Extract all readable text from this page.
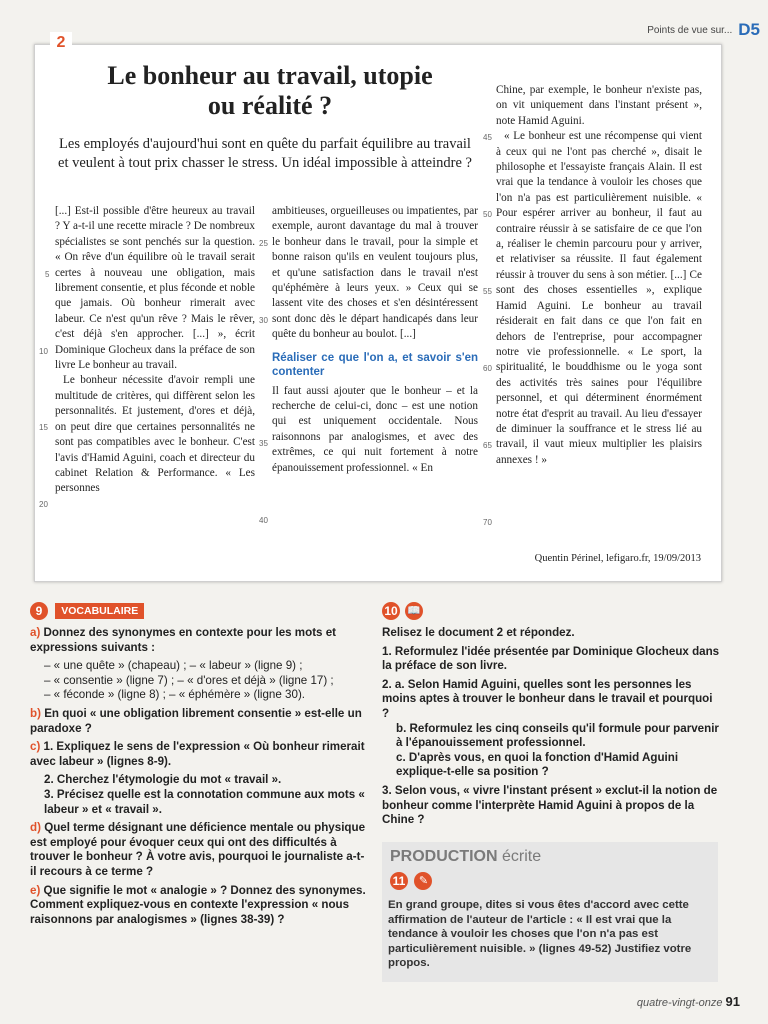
Points de vue sur... D5
2
Le bonheur au travail, utopie ou réalité ?
Les employés d'aujourd'hui sont en quête du parfait équilibre au travail et veulent à tout prix chasser le stress. Un idéal impossible à atteindre ?

[...] Est-il possible d'être heureux au travail ? Y a-t-il une recette miracle ? De nombreux spécialistes se sont penchés sur la question. « On rêve d'un équilibre où le travail serait certes à nouveau une obligation, mais librement consentie, et plus féconde et noble que jamais. Où bonheur rimerait avec labeur. Ce n'est qu'un rêve ? Mais le rêver, c'est déjà s'en approcher. [...] », écrit Dominique Glocheux dans la préface de son livre Le bonheur au travail.

Le bonheur nécessite d'avoir rempli une multitude de critères, qui diffèrent selon les personnalités. Et justement, d'ores et déjà, on peut dire que certaines personnalités ne sont pas compatibles avec le bonheur. C'est l'avis d'Hamid Aguini, coach et directeur du cabinet Relation & Performance. « Les personnes

ambitieuses, orgueilleuses ou impatientes, par exemple, auront davantage du mal à trouver le bonheur dans le travail, pour la simple et bonne raison qu'ils en veulent toujours plus, et qu'une satisfaction dans le travail n'est qu'éphémère à leurs yeux. » Ceux qui se lassent vite des choses et s'en désintéressent sont donc dès le départ handicapés dans leur quête du bonheur au boulot. [...]

Réaliser ce que l'on a, et savoir s'en contenter

Il faut aussi ajouter que le bonheur – et la recherche de celui-ci, donc – est une notion qui est uniquement occidentale. Nous raisonnons par analogismes, et avec des extrêmes, ce qui nuit fortement à notre épanouissement professionnel. « En

Chine, par exemple, le bonheur n'existe pas, on vit uniquement dans l'instant présent », note Hamid Aguini.

« Le bonheur est une récompense qui vient à ceux qui ne l'ont pas cherché », disait le philosophe et l'essayiste français Alain. Il est vrai que la tendance à vouloir les choses que l'on n'a pas est particulièrement nuisible. « Pour espérer arriver au bonheur, il faut au contraire réussir à se satisfaire de ce que l'on a, réaliser le chemin parcouru pour y arriver, et relativiser sa réussite. Il faut également réussir à trouver du sens à son métier. [...] Ce sont des choses essentielles », explique Hamid Aguini. Le bonheur au travail résiderait en fait dans ce que l'on fait en dehors de l'entreprise, pour accompagner notre vie professionnelle. « Le sport, la spiritualité, le bouddhisme ou le yoga sont des activités très saines pour l'équilibre personnel, et qui déterminent énormément notre état d'esprit au travail. Au lieu d'essayer de diminuer la souffrance et le stress lié au travail, il vaut mieux multiplier les plaisirs annexes ! »

5
10
15
20
25
30
35
40
45
50
55
60
65
70
Quentin Périnel, lefigaro.fr, 19/09/2013
9 VOCABULAIRE
a) Donnez des synonymes en contexte pour les mots et expressions suivants :
– « une quête » (chapeau) ; – « labeur » (ligne 9) ;
– « consentie » (ligne 7) ; – « d'ores et déjà » (ligne 17) ;
– « féconde » (ligne 8) ; – « éphémère » (ligne 30).
b) En quoi « une obligation librement consentie » est-elle un paradoxe ?
c) 1. Expliquez le sens de l'expression « Où bonheur rimerait avec labeur » (lignes 8-9).
2. Cherchez l'étymologie du mot « travail ».
3. Précisez quelle est la connotation commune aux mots « labeur » et « travail ».
d) Quel terme désignant une déficience mentale ou physique est employé pour évoquer ceux qui ont des difficultés à trouver le bonheur ? À votre avis, pourquoi le journaliste a-t-il recours à ce terme ?
e) Que signifie le mot « analogie » ? Donnez des synonymes. Comment expliquez-vous en contexte l'expression « nous raisonnons par analogismes » (lignes 38-39) ?
10 📖
Relisez le document 2 et répondez.
1. Reformulez l'idée présentée par Dominique Glocheux dans la préface de son livre.
2. a. Selon Hamid Aguini, quelles sont les personnes les moins aptes à trouver le bonheur dans le travail et pourquoi ?
b. Reformulez les cinq conseils qu'il formule pour parvenir à l'épanouissement professionnel.
c. D'après vous, en quoi la fonction d'Hamid Aguini explique-t-elle sa position ?
3. Selon vous, « vivre l'instant présent » exclut-il la notion de bonheur comme l'interprète Hamid Aguini à propos de la Chine ?
PRODUCTION écrite
11 ✎
En grand groupe, dites si vous êtes d'accord avec cette affirmation de l'auteur de l'article : « Il est vrai que la tendance à vouloir les choses que l'on n'a pas est particulièrement nuisible. » (lignes 49-52) Justifiez votre propos.
quatre-vingt-onze 91
